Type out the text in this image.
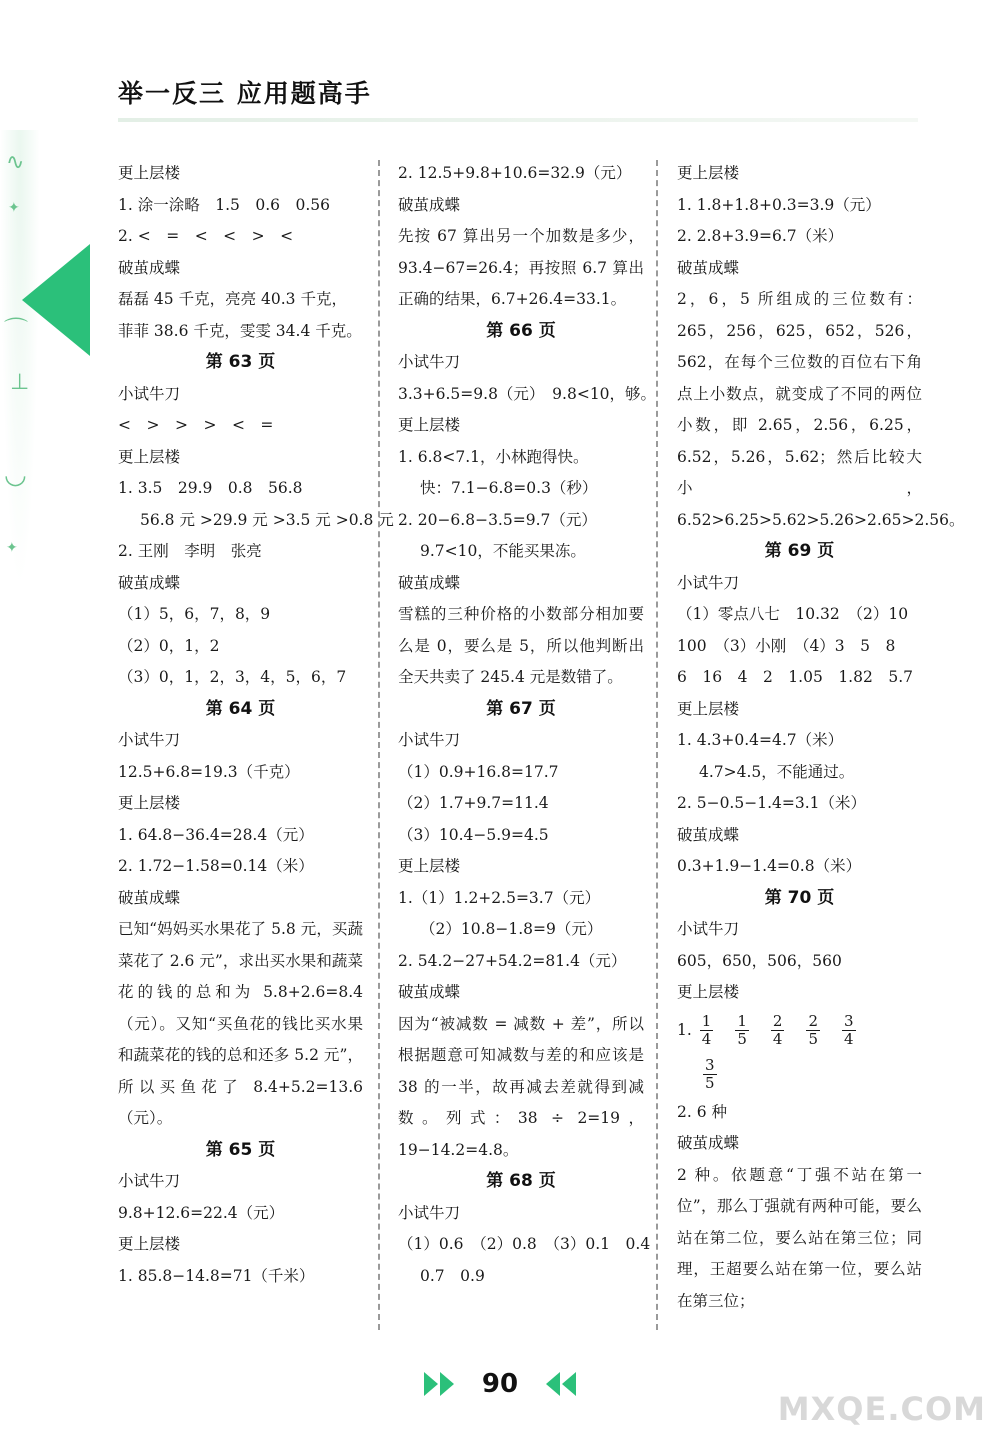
∿
✦
⌒
⊥
◡
✦
举一反三 应用题高手
更上层楼
1. 涂一涂略　1.5　0.6　0.56
2. <　=　<　<　>　<
破茧成蝶
磊磊 45 千克，亮亮 40.3 千克，
菲菲 38.6 千克，雯雯 34.4 千克。
第 63 页
小试牛刀
<　>　>　>　<　=
更上层楼
1. 3.5　29.9　0.8　56.8
56.8 元 >29.9 元 >3.5 元 >0.8 元
2. 王刚　李明　张亮
破茧成蝶
（1）5，6，7，8，9
（2）0，1，2
（3）0，1，2，3，4，5，6，7
第 64 页
小试牛刀
12.5+6.8=19.3（千克）
更上层楼
1. 64.8−36.4=28.4（元）
2. 1.72−1.58=0.14（米）
破茧成蝶
已知“妈妈买水果花了 5.8 元，买蔬菜花了 2.6 元”，求出买水果和蔬菜花的钱的总和为 5.8+2.6=8.4（元）。又知“买鱼花的钱比买水果和蔬菜花的钱的总和还多 5.2 元”，所以买鱼花了 8.4+5.2=13.6（元）。
第 65 页
小试牛刀
9.8+12.6=22.4（元）
更上层楼
1. 85.8−14.8=71（千米）
2. 12.5+9.8+10.6=32.9（元）
破茧成蝶
先按 67 算出另一个加数是多少，93.4−67=26.4；再按照 6.7 算出正确的结果，6.7+26.4=33.1。
第 66 页
小试牛刀
3.3+6.5=9.8（元）　9.8<10，够。
更上层楼
1. 6.8<7.1，小林跑得快。
快：7.1−6.8=0.3（秒）
2. 20−6.8−3.5=9.7（元）
9.7<10，不能买果冻。
破茧成蝶
雪糕的三种价格的小数部分相加要么是 0，要么是 5，所以他判断出全天共卖了 245.4 元是数错了。
第 67 页
小试牛刀
（1）0.9+16.8=17.7
（2）1.7+9.7=11.4
（3）10.4−5.9=4.5
更上层楼
1.（1）1.2+2.5=3.7（元）
（2）10.8−1.8=9（元）
2. 54.2−27+54.2=81.4（元）
破茧成蝶
因为“被减数 = 减数 + 差”，所以根据题意可知减数与差的和应该是 38 的一半，故再减去差就得到减数。列式：38 ÷ 2=19，19−14.2=4.8。
第 68 页
小试牛刀
（1）0.6　（2）0.8　（3）0.1　0.4
0.7　0.9
更上层楼
1. 1.8+1.8+0.3=3.9（元）
2. 2.8+3.9=6.7（米）
破茧成蝶
2，6，5 所组成的三位数有：265，256，625，652，526，562，在每个三位数的百位右下角点上小数点，就变成了不同的两位小数，即 2.65，2.56，6.25，6.52，5.26，5.62；然后比较大小，6.52>6.25>5.62>5.26>2.65>2.56。
第 69 页
小试牛刀
（1）零点八七　10.32　（2）10
100　（3）小刚　（4）3　5　8
6　16　4　2　1.05　1.82　5.7
更上层楼
1. 4.3+0.4=4.7（米）
4.7>4.5，不能通过。
2. 5−0.5−1.4=3.1（米）
破茧成蝶
0.3+1.9−1.4=0.8（米）
第 70 页
小试牛刀
605，650，506，560
更上层楼
1. $\frac{1}{4} \frac{1}{5} \frac{2}{4} \frac{2}{5} \frac{3}{4}$
$\frac{3}{5}$
2. 6 种
破茧成蝶
2 种。依题意“丁强不站在第一位”，那么丁强就有两种可能，要么站在第二位，要么站在第三位；同理，王超要么站在第一位，要么站在第三位；
90
MXQE.COM
